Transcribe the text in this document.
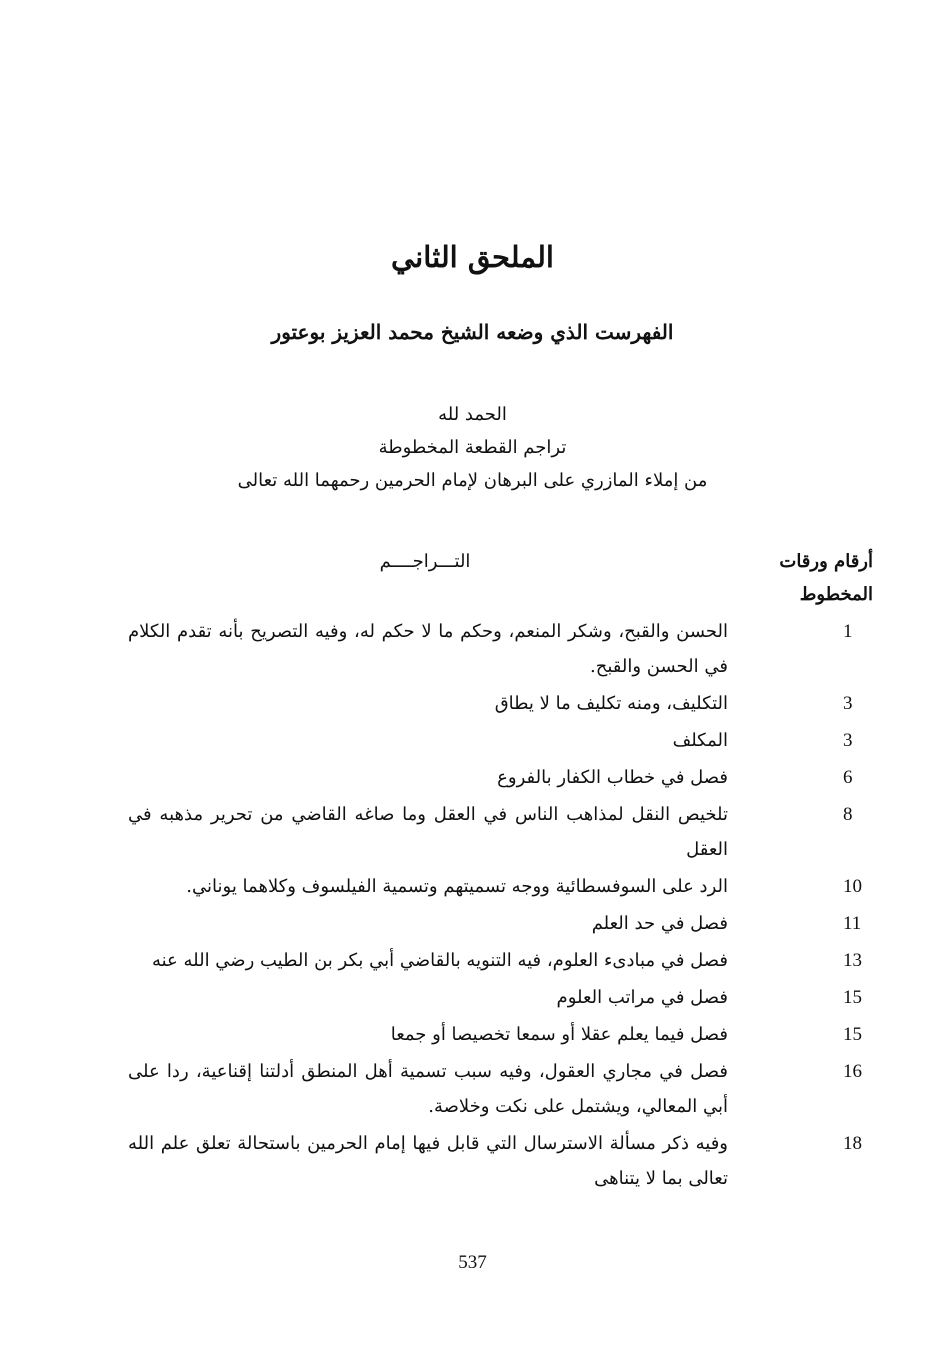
الملحق الثاني
الفهرست الذي وضعه الشيخ محمد العزيز بوعتور
الحمد لله
تراجم القطعة المخطوطة
من إملاء المازري على البرهان لإمام الحرمين رحمهما الله تعالى
أرقام ورقات المخطوط
التـــراجــــم
1
الحسن والقبح، وشكر المنعم، وحكم ما لا حكم له، وفيه التصريح بأنه تقدم الكلام في الحسن والقبح.
3
التكليف، ومنه تكليف ما لا يطاق
3
المكلف
6
فصل في خطاب الكفار بالفروع
8
تلخيص النقل لمذاهب الناس في العقل وما صاغه القاضي من تحرير مذهبه في العقل
10
الرد على السوفسطائية ووجه تسميتهم وتسمية الفيلسوف وكلاهما يوناني.
11
فصل في حد العلم
13
فصل في مبادىء العلوم، فيه التنويه بالقاضي أبي بكر بن الطيب رضي الله عنه
15
فصل في مراتب العلوم
15
فصل فيما يعلم عقلا أو سمعا تخصيصا أو جمعا
16
فصل في مجاري العقول، وفيه سبب تسمية أهل المنطق أدلتنا إقناعية، ردا على أبي المعالي، ويشتمل على نكت وخلاصة.
18
وفيه ذكر مسألة الاسترسال التي قابل فيها إمام الحرمين باستحالة تعلق علم الله تعالى بما لا يتناهى
537
